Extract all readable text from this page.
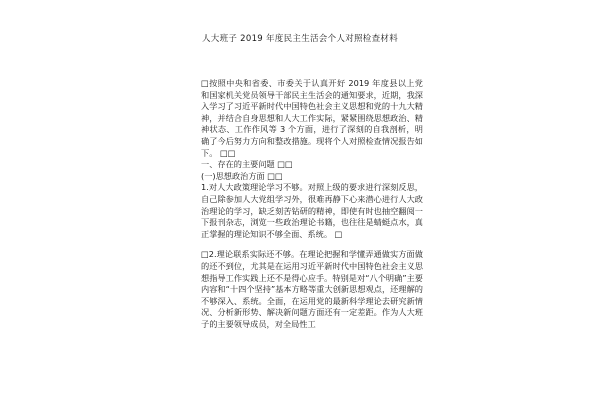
人大班子 2019 年度民主生活会个人对照检查材料

□按照中央和省委、市委关于认真开好 2019 年度县以上党和国家机关党员领导干部民主生活会的通知要求，近期，我深入学习了习近平新时代中国特色社会主义思想和党的十九大精神，并结合自身思想和人大工作实际，紧紧围绕思想政治、精神状态、工作作风等 3 个方面，进行了深刻的自我剖析，明确了今后努力方向和整改措施。现将个人对照检查情况报告如下。 □□

一、存在的主要问题 □□

(一)思想政治方面 □□

1.对人大政策理论学习不够。对照上级的要求进行深刻反思，自己除参加人大党组学习外，很难再静下心来潜心进行人大政治理论的学习，缺乏刻苦钻研的精神，即使有时也抽空翻阅一下报刊杂志，浏览一些政治理论书籍，也往往是蜻蜓点水，真正掌握的理论知识不够全面、系统。 □

□2.理论联系实际还不够。在理论把握和学懂弄通做实方面做的还不到位，尤其是在运用习近平新时代中国特色社会主义思想指导工作实践上还不是得心应手。特别是对“八个明确”主要内容和“十四个坚持”基本方略等重大创新思想观点，还理解的不够深入、系统。全面，在运用党的最新科学理论去研究新情况、分析新形势、解决新问题方面还有一定差距。作为人大班子的主要领导成员，对全局性工
